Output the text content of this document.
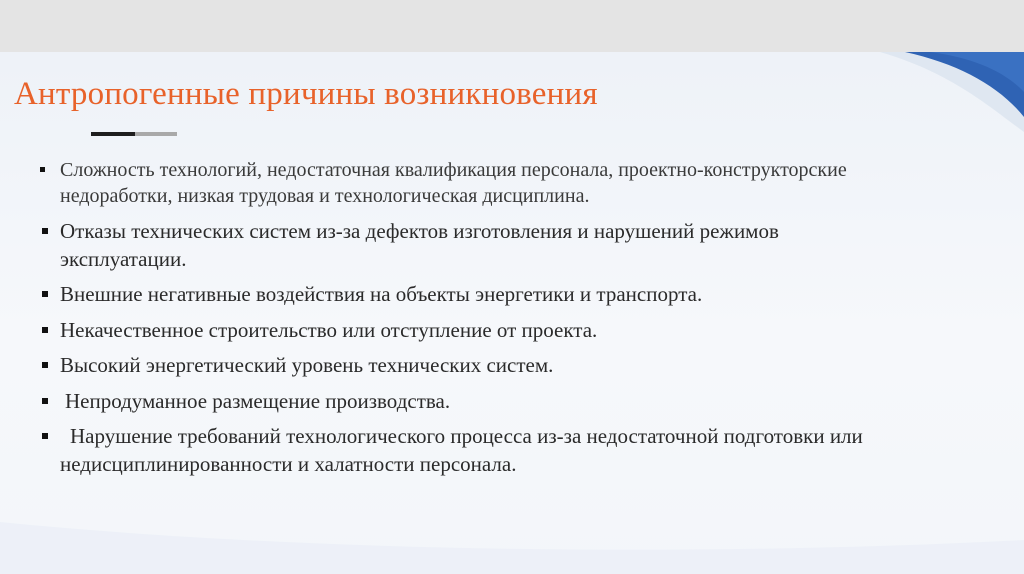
Антропогенные причины возникновения
Сложность технологий, недостаточная квалификация персонала, проектно-конструкторские недоработки, низкая трудовая и технологическая дисциплина.
Отказы технических систем из-за дефектов изготовления и нарушений режимов эксплуатации.
Внешние негативные воздействия на объекты энергетики и транспорта.
Некачественное строительство или отступление от проекта.
Высокий энергетический уровень технических систем.
Непродуманное размещение производства.
Нарушение требований технологического процесса из-за недостаточной подготовки или недисциплинированности и халатности персонала.
